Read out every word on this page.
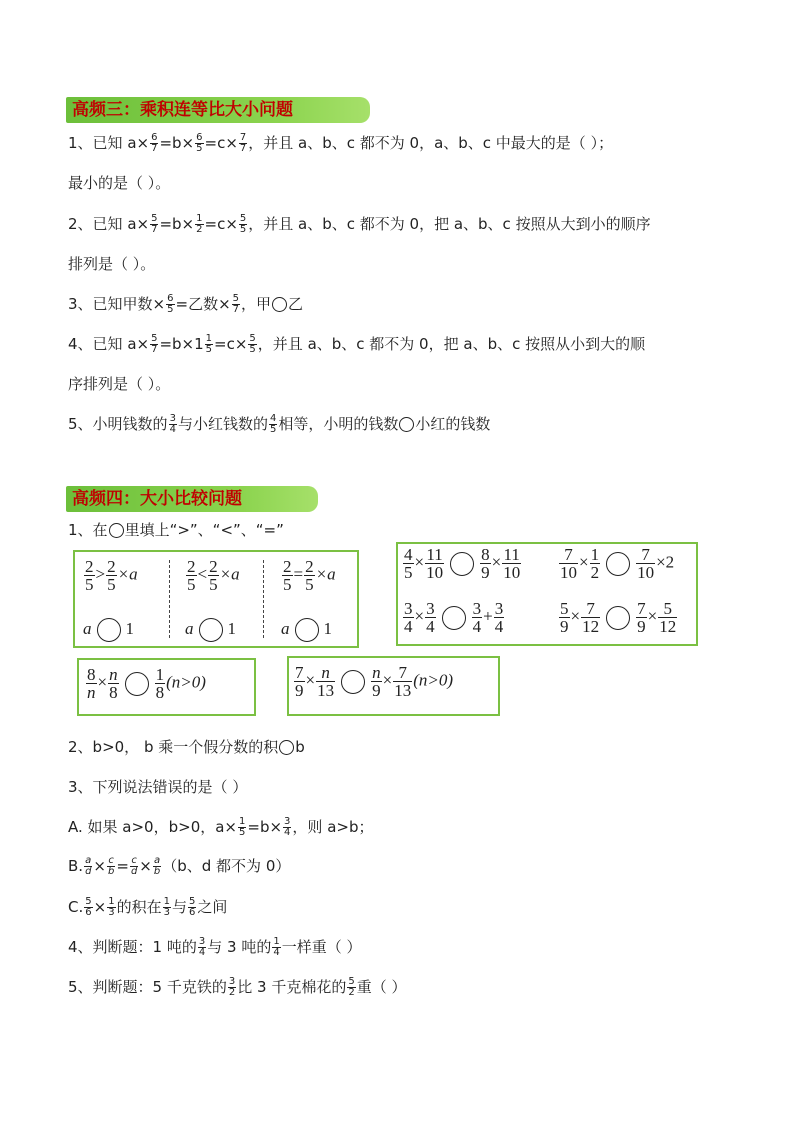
高频三：乘积连等比大小问题
1、已知 $a\times \frac{6}{7} =b\times \frac{6}{5} =c\times \frac{7}{7}$ ，并且 a、b、c 都不为 0，a、b、c 中最大的是（ ）；
最小的是（ ）。
2、已知 $a\times \frac{5}{7} =b\times \frac{1}{2} =c\times \frac{5}{5}$ ，并且 a、b、c 都不为 0，把 a、b、c 按照从大到小的顺序
排列是（ ）。
3、已知甲数× $\frac{6}{5}$ =乙数× $\frac{5}{7}$ ，甲 乙
4、已知 $a\times \frac{5}{7} =b\times 1 \frac{1}{5} =c\times \frac{5}{5}$ ，并且 a、b、c 都不为 0，把 a、b、c 按照从小到大的顺
序排列是（ ）。
5、小明钱数的 $\frac{3}{4}$ 与小红钱数的 $\frac{4}{5}$ 相等，小明的钱数 小红的钱数
高频四：大小比较问题
1、在 里填上“>”、“<”、“=”
$\frac{2}{5} > \frac{2}{5} \times a$
a 1
$\frac{2}{5} < \frac{2}{5} \times a$
a 1
$\frac{2}{5} = \frac{2}{5} \times a$
a 1
$\frac{4}{5} \times \frac{11}{10} \frac{8}{9} \times \frac{11}{10} \frac{7}{10} \times \frac{1}{2} \frac{7}{10} \times 2$
$\frac{3}{4} \times \frac{3}{4} \frac{3}{4} + \frac{3}{4}$	$\frac{5}{9} \times \frac{7}{12} \frac{7}{9} \times \frac{5}{12}$
$\frac{8}{n} \times \frac{n}{8} \frac{1}{8} (n>0)$	$\frac{7}{9} \times \frac{n}{13} \frac{n}{9} \times \frac{7}{13} (n>0)$
2、b>0， b 乘一个假分数的积 b
3、下列说法错误的是（ ）
A. 如果 a>0，b>0，$a\times \frac{1}{5} =b\times \frac{3}{4}$ ，则 a>b；
B. $\frac{a}{d} \times \frac{c}{b} = \frac{c}{d} \times \frac{a}{b} (b$、d 都不为 0）
C. $\frac{5}{6} \times \frac{1}{3}$ 的积在 $\frac{1}{3}$ 与 $\frac{5}{6}$ 之间
4、判断题：1 吨的 $\frac{3}{4}$ 与 3 吨的 $\frac{1}{4}$ 一样重（ ）
5、判断题：5 千克铁的 $\frac{3}{2}$ 比 3 千克棉花的 $\frac{5}{2}$ 重（ ）
